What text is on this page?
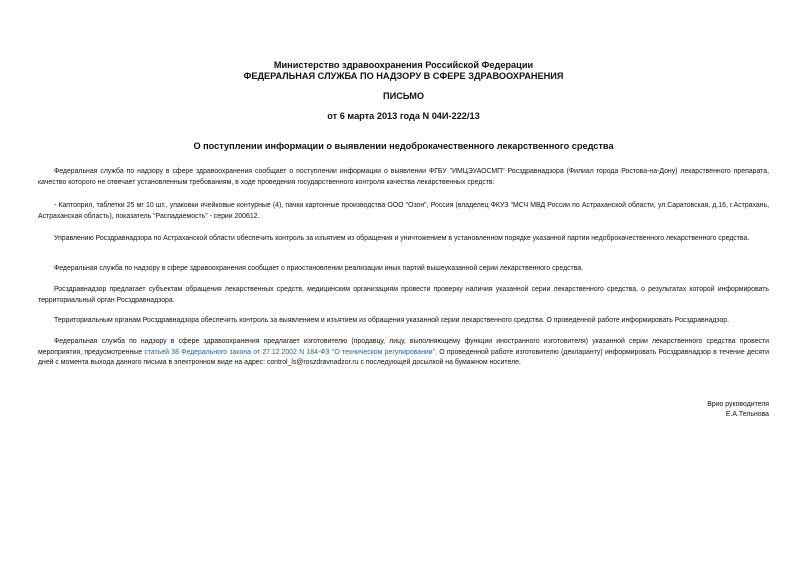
Министерство здравоохранения Российской Федерации
ФЕДЕРАЛЬНАЯ СЛУЖБА ПО НАДЗОРУ В СФЕРЕ ЗДРАВООХРАНЕНИЯ
ПИСЬМО
от 6 марта 2013 года N 04И-222/13
О поступлении информации о выявлении недоброкачественного лекарственного средства
Федеральная служба по надзору в сфере здравоохранения сообщает о поступлении информации о выявлении ФГБУ "ИМЦЭУАОСМП" Росздравнадзора (Филиал города Ростова-на-Дону) лекарственного препарата, качество которого не отвечает установленным требованиям, в ходе проведения государственного контроля качества лекарственных средств:
- Каптоприл, таблетки 25 мг 10 шт., упаковки ячейковые контурные (4), пачки картонные производства ООО "Озон", Россия (владелец ФКУЗ "МСЧ МВД России по Астраханской области, ул.Саратовская, д.16, г.Астрахань, Астраханская область), показатель "Распадаемость" - серии 200612.
Управлению Росздравнадзора по Астраханской области обеспечить контроль за изъятием из обращения и уничтожением в установленном порядке указанной партии недоброкачественного лекарственного средства.
Федеральная служба по надзору в сфере здравоохранения сообщает о приостановлении реализации иных партий вышеуказанной серии лекарственного средства.
Росздравнадзор предлагает субъектам обращения лекарственных средств, медицинским организациям провести проверку наличия указанной серии лекарственного средства, о результатах которой информировать территориальный орган Росздравнадзора.
Территориальным органам Росздравнадзора обеспечить контроль за выявлением и изъятием из обращения указанной серии лекарственного средства. О проведенной работе информировать Росздравнадзор.
Федеральная служба по надзору в сфере здравоохранения предлагает изготовителю (продавцу, лицу, выполняющему функции иностранного изготовителя) указанной серии лекарственного средства провести мероприятия, предусмотренные статьей 38 Федерального закона от 27.12.2002 N 184-ФЗ "О техническом регулировании". О проведенной работе изготовителю (декларанту) информировать Росздравнадзор в течение десяти дней с момента выхода данного письма в электронном виде на адрес: control_ls@roszdravnadzor.ru с последующей досылкой на бумажном носителе.
Врио руководителя
Е.А.Тельнова
